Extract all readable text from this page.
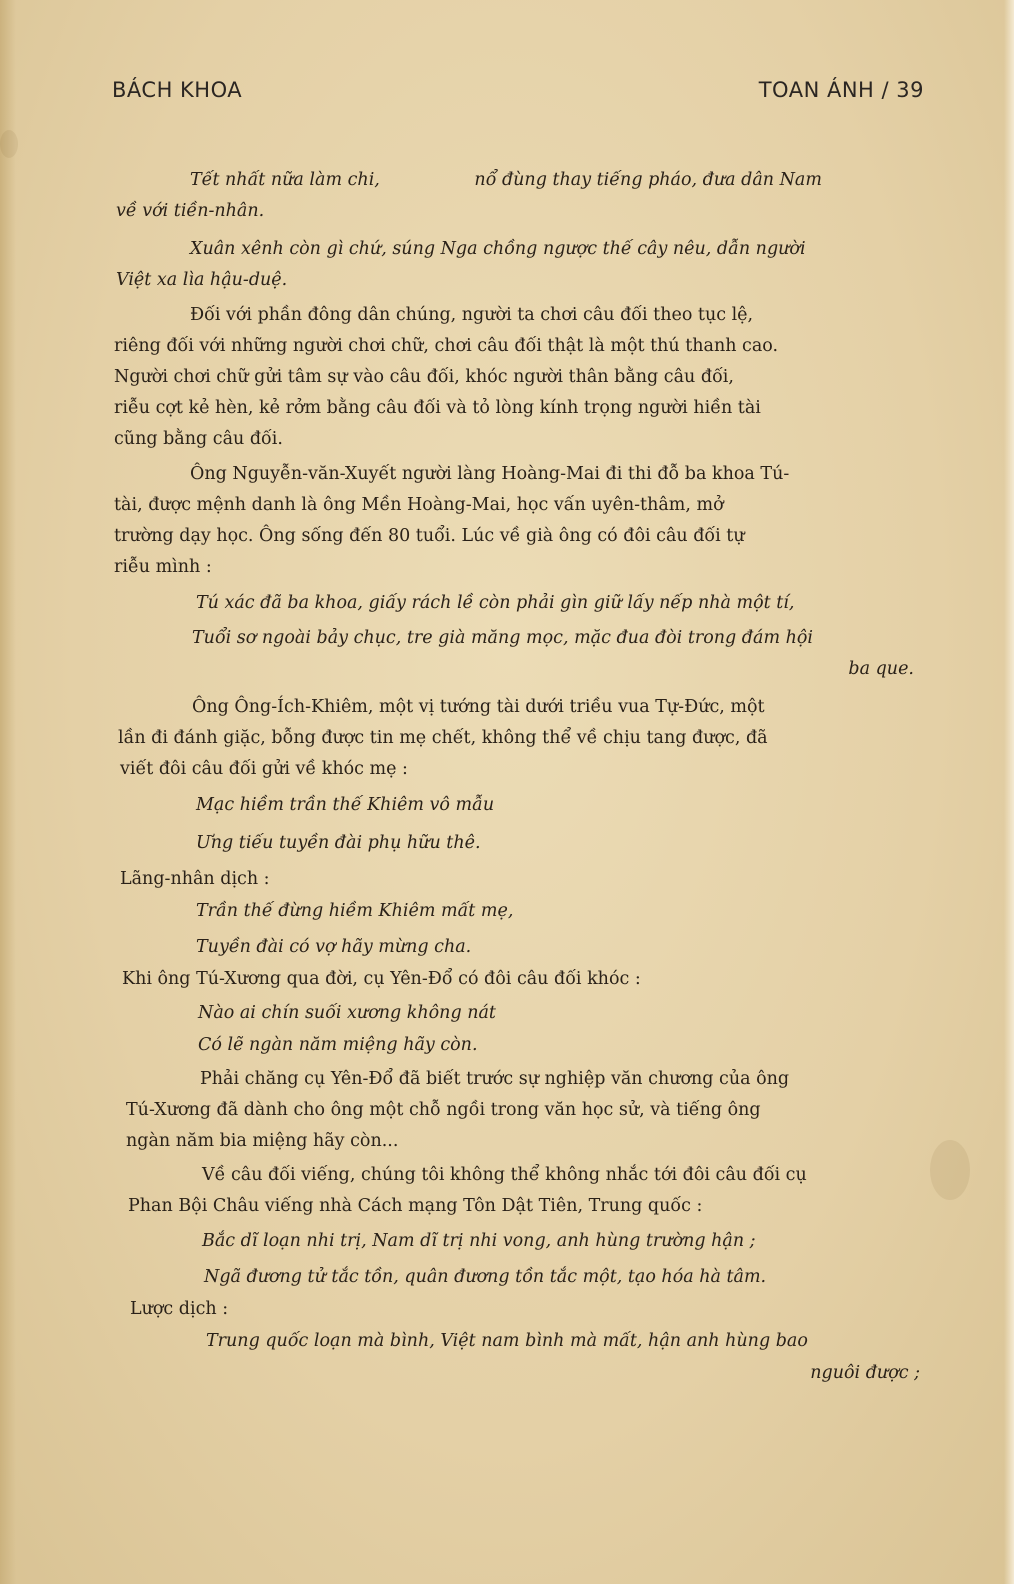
BÁCH KHOA	TOAN ÁNH / 39
Tết nhất nữa làm chi,                 nổ đùng thay tiếng pháo, đưa dân Nam
về với tiền-nhân.
Xuân xênh còn gì chứ, súng Nga chồng ngược thế cây nêu, dẫn người
Việt xa lìa hậu-duệ.
Đối với phần đông dân chúng, người ta chơi câu đối theo tục lệ,
riêng đối với những người chơi chữ, chơi câu đối thật là một thú thanh cao.
Người chơi chữ gửi tâm sự vào câu đối, khóc người thân bằng câu đối,
riễu cợt kẻ hèn, kẻ rởm bằng câu đối và tỏ lòng kính trọng người hiền tài
cũng bằng câu đối.
Ông Nguyễn-văn-Xuyết người làng Hoàng-Mai đi thi đỗ ba khoa Tú-
tài, được mệnh danh là ông Mền Hoàng-Mai, học vấn uyên-thâm, mở
trường dạy học. Ông sống đến 80 tuổi. Lúc về già ông có đôi câu đối tự
riễu mình :
Tú xác đã ba khoa, giấy rách lề còn phải gìn giữ lấy nếp nhà một tí,
Tuổi sơ ngoài bảy chục, tre già măng mọc, mặc đua đòi trong đám hội
ba que.
Ông Ông-Ích-Khiêm, một vị tướng tài dưới triều vua Tự-Đức, một
lần đi đánh giặc, bỗng được tin mẹ chết, không thể về chịu tang được, đã
viết đôi câu đối gửi về khóc mẹ :
Mạc hiềm trần thế Khiêm vô mẫu
Ưng tiếu tuyền đài phụ hữu thê.
Lãng-nhân dịch :
Trần thế đừng hiềm Khiêm mất mẹ,
Tuyền đài có vợ hãy mừng cha.
Khi ông Tú-Xương qua đời, cụ Yên-Đổ có đôi câu đối khóc :
Nào ai chín suối xương không nát
Có lẽ ngàn năm miệng hãy còn.
Phải chăng cụ Yên-Đổ đã biết trước sự nghiệp văn chương của ông
Tú-Xương đã dành cho ông một chỗ ngồi trong văn học sử, và tiếng ông
ngàn năm bia miệng hãy còn...
Về câu đối viếng, chúng tôi không thể không nhắc tới đôi câu đối cụ
Phan Bội Châu viếng nhà Cách mạng Tôn Dật Tiên, Trung quốc :
Bắc dĩ loạn nhi trị, Nam dĩ trị nhi vong, anh hùng trường hận ;
Ngã đương tử tắc tồn, quân đương tồn tắc một, tạo hóa hà tâm.
Lược dịch :
Trung quốc loạn mà bình, Việt nam bình mà mất, hận anh hùng bao
nguôi được ;
